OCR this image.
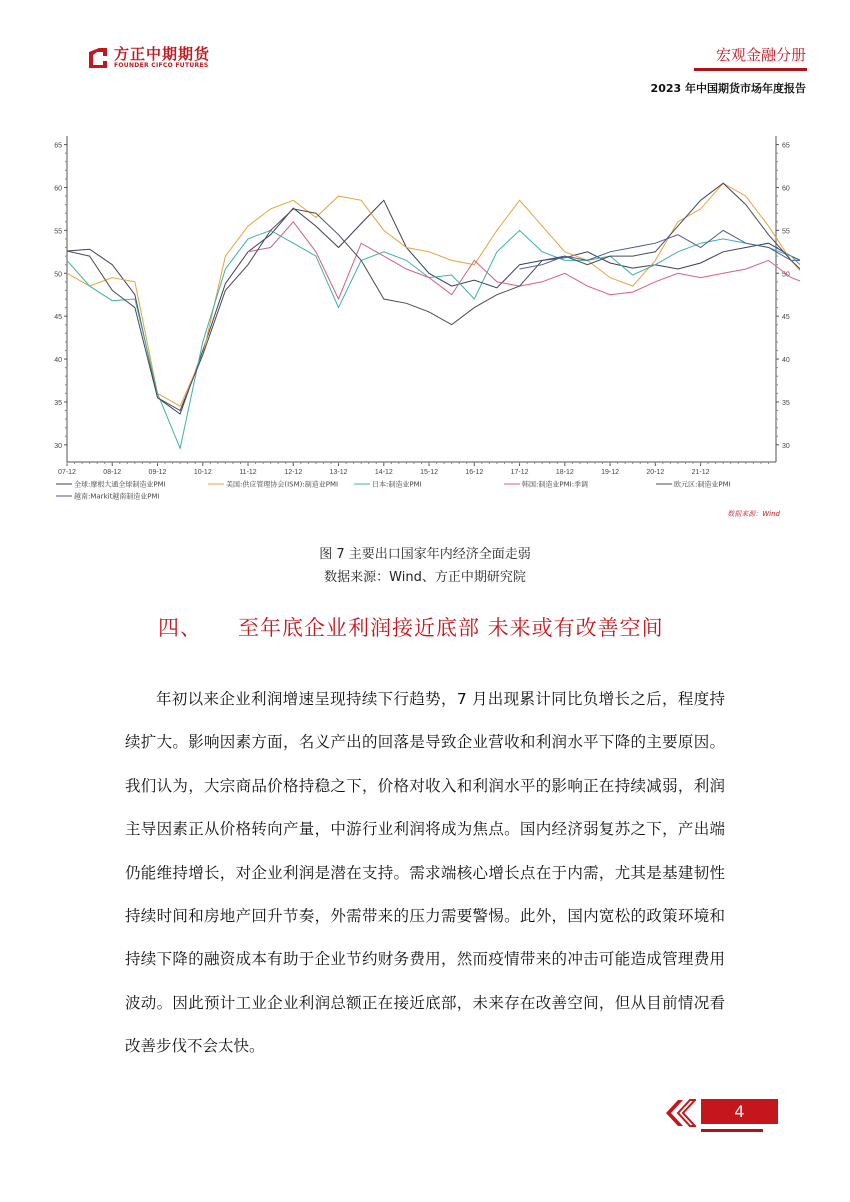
方正中期期货
FOUNDER CIFCO FUTURES
宏观金融分册
2023 年中国期货市场年度报告
30	30
35	35
40	40
45	45
50	50
55	55
60	60
65	65
07-12	08-12	09-12	10-12	11-12	12-12	13-12	14-12	15-12	16-12	17-12	18-12	19-12	20-12	21-12
全球:摩根大通全球制造业PMI	美国:供应管理协会(ISM):制造业PMI	日本:制造业PMI	韩国:制造业PMI:季调	欧元区:制造业PMI
越南:Markit越南制造业PMI
数据来源：Wind
图 7 主要出口国家年内经济全面走弱
数据来源：Wind、方正中期研究院
四、 至年底企业利润接近底部 未来或有改善空间

年初以来企业利润增速呈现持续下行趋势，7 月出现累计同比负增长之后，程度持续扩大。影响因素方面，名义产出的回落是导致企业营收和利润水平下降的主要原因。我们认为，大宗商品价格持稳之下，价格对收入和利润水平的影响正在持续减弱，利润主导因素正从价格转向产量，中游行业利润将成为焦点。国内经济弱复苏之下，产出端仍能维持增长，对企业利润是潜在支持。需求端核心增长点在于内需，尤其是基建韧性持续时间和房地产回升节奏，外需带来的压力需要警惕。此外，国内宽松的政策环境和持续下降的融资成本有助于企业节约财务费用，然而疫情带来的冲击可能造成管理费用波动。因此预计工业企业利润总额正在接近底部，未来存在改善空间，但从目前情况看改善步伐不会太快。

4
